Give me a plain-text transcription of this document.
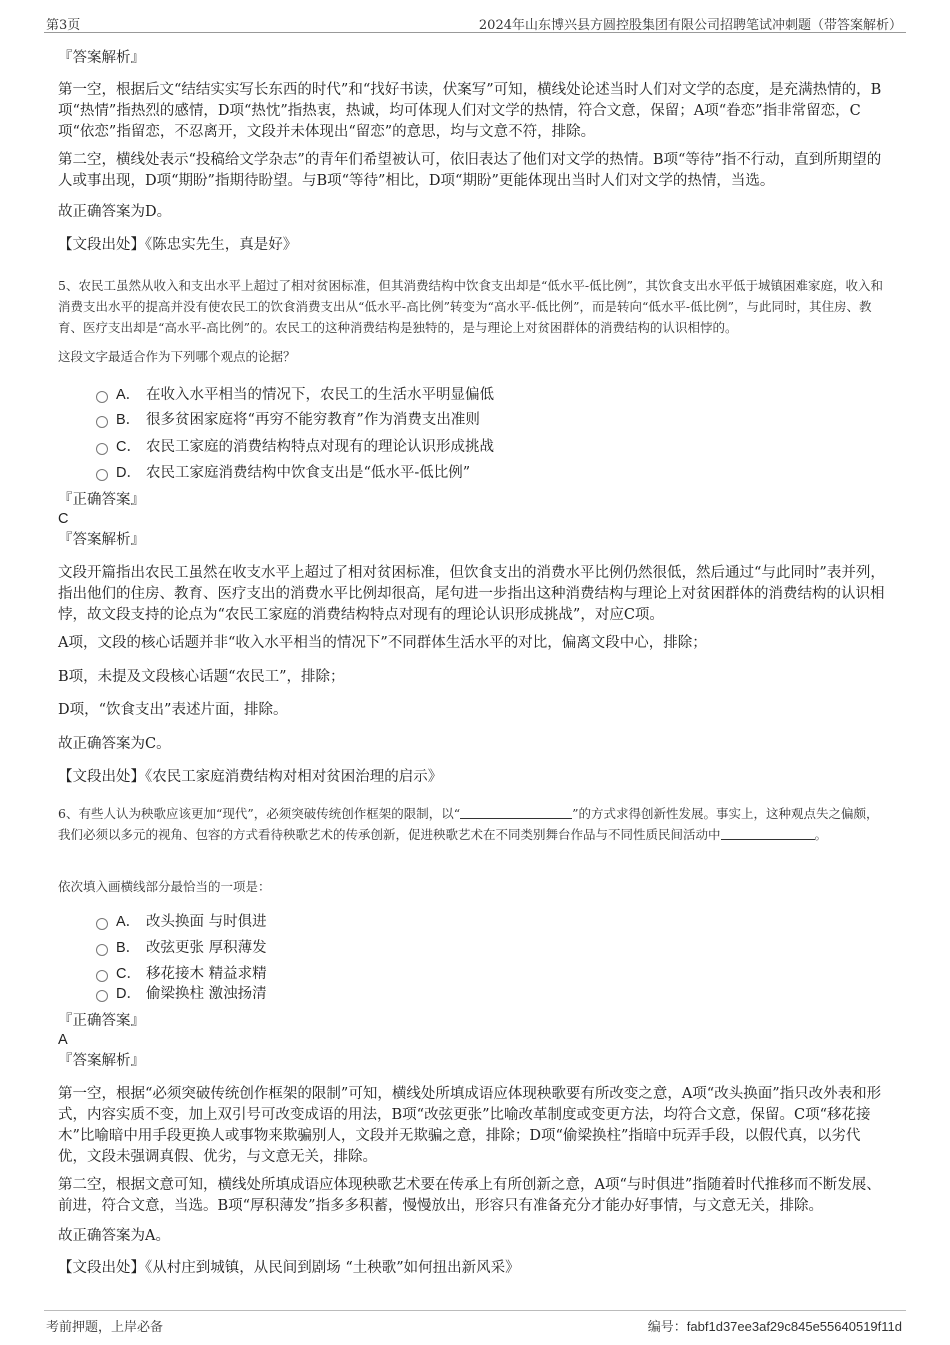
第3页	2024年山东博兴县方圆控股集团有限公司招聘笔试冲刺题（带答案解析）
『答案解析』

第一空，根据后文“结结实实写长东西的时代”和“找好书读，伏案写”可知，横线处论述当时人们对文学的态度，是充满热情的，B项“热情”指热烈的感情，D项“热忱”指热衷，热诚，均可体现人们对文学的热情，符合文意，保留；A项“眷恋”指非常留恋，C项“依恋”指留恋，不忍离开，文段并未体现出“留恋”的意思，均与文意不符，排除。

第二空，横线处表示“投稿给文学杂志”的青年们希望被认可，依旧表达了他们对文学的热情。B项“等待”指不行动，直到所期望的人或事出现，D项“期盼”指期待盼望。与B项“等待”相比，D项“期盼”更能体现出当时人们对文学的热情，当选。

故正确答案为D。

【文段出处】《陈忠实先生，真是好》

5、农民工虽然从收入和支出水平上超过了相对贫困标准，但其消费结构中饮食支出却是“低水平-低比例”，其饮食支出水平低于城镇困难家庭，收入和消费支出水平的提高并没有使农民工的饮食消费支出从“低水平-高比例”转变为“高水平-低比例”，而是转向“低水平-低比例”，与此同时，其住房、教育、医疗支出却是“高水平-高比例”的。农民工的这种消费结构是独特的，是与理论上对贫困群体的消费结构的认识相悖的。

这段文字最适合作为下列哪个观点的论据？

A． 在收入水平相当的情况下，农民工的生活水平明显偏低
B． 很多贫困家庭将“再穷不能穷教育”作为消费支出准则
C． 农民工家庭的消费结构特点对现有的理论认识形成挑战
D． 农民工家庭消费结构中饮食支出是“低水平-低比例”
『正确答案』
C
『答案解析』

文段开篇指出农民工虽然在收支水平上超过了相对贫困标准，但饮食支出的消费水平比例仍然很低，然后通过“与此同时”表并列，指出他们的住房、教育、医疗支出的消费水平比例却很高，尾句进一步指出这种消费结构与理论上对贫困群体的消费结构的认识相悖，故文段支持的论点为“农民工家庭的消费结构特点对现有的理论认识形成挑战”，对应C项。

A项，文段的核心话题并非“收入水平相当的情况下”不同群体生活水平的对比，偏离文段中心，排除；

B项，未提及文段核心话题“农民工”，排除；

D项，“饮食支出”表述片面，排除。

故正确答案为C。

【文段出处】《农民工家庭消费结构对相对贫困治理的启示》

6、有些人认为秧歌应该更加“现代”，必须突破传统创作框架的限制，以“	”的方式求得创新性发展。事实上，这种观点失之偏颇，我们必须以多元的视角、包容的方式看待秧歌艺术的传承创新，促进秧歌艺术在不同类别舞台作品与不同性质民间活动中	。

依次填入画横线部分最恰当的一项是：

A． 改头换面 与时俱进
B． 改弦更张 厚积薄发
C． 移花接木 精益求精
D． 偷梁换柱 激浊扬清
『正确答案』
A
『答案解析』

第一空，根据“必须突破传统创作框架的限制”可知，横线处所填成语应体现秧歌要有所改变之意，A项“改头换面”指只改外表和形式，内容实质不变，加上双引号可改变成语的用法，B项“改弦更张”比喻改革制度或变更方法，均符合文意，保留。C项“移花接木”比喻暗中用手段更换人或事物来欺骗别人，文段并无欺骗之意，排除；D项“偷梁换柱”指暗中玩弄手段，以假代真，以劣代优，文段未强调真假、优劣，与文意无关，排除。

第二空，根据文意可知，横线处所填成语应体现秧歌艺术要在传承上有所创新之意，A项“与时俱进”指随着时代推移而不断发展、前进，符合文意，当选。B项“厚积薄发”指多多积蓄，慢慢放出，形容只有准备充分才能办好事情，与文意无关，排除。

故正确答案为A。

【文段出处】《从村庄到城镇，从民间到剧场 “土秧歌”如何扭出新风采》

考前押题，上岸必备	编号：fabf1d37ee3af29c845e55640519f11d
